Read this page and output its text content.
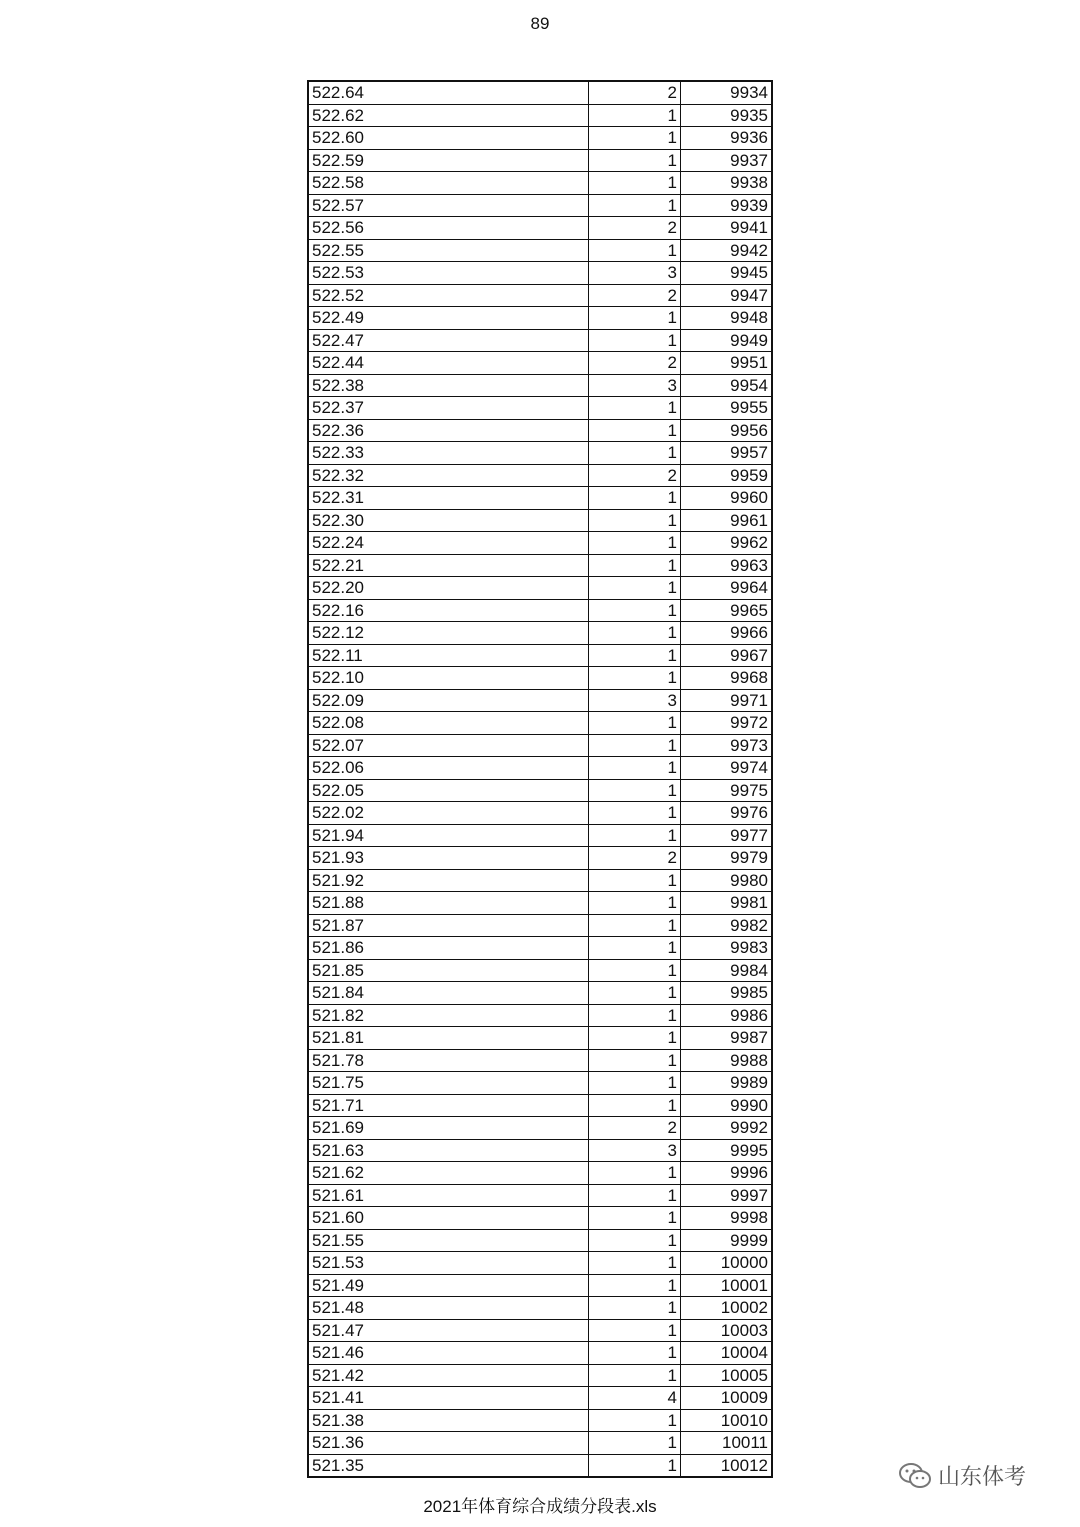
89
522.64	2	9934
522.62	1	9935
522.60	1	9936
522.59	1	9937
522.58	1	9938
522.57	1	9939
522.56	2	9941
522.55	1	9942
522.53	3	9945
522.52	2	9947
522.49	1	9948
522.47	1	9949
522.44	2	9951
522.38	3	9954
522.37	1	9955
522.36	1	9956
522.33	1	9957
522.32	2	9959
522.31	1	9960
522.30	1	9961
522.24	1	9962
522.21	1	9963
522.20	1	9964
522.16	1	9965
522.12	1	9966
522.11	1	9967
522.10	1	9968
522.09	3	9971
522.08	1	9972
522.07	1	9973
522.06	1	9974
522.05	1	9975
522.02	1	9976
521.94	1	9977
521.93	2	9979
521.92	1	9980
521.88	1	9981
521.87	1	9982
521.86	1	9983
521.85	1	9984
521.84	1	9985
521.82	1	9986
521.81	1	9987
521.78	1	9988
521.75	1	9989
521.71	1	9990
521.69	2	9992
521.63	3	9995
521.62	1	9996
521.61	1	9997
521.60	1	9998
521.55	1	9999
521.53	1	10000
521.49	1	10001
521.48	1	10002
521.47	1	10003
521.46	1	10004
521.42	1	10005
521.41	4	10009
521.38	1	10010
521.36	1	10011
521.35	1	10012
2021年体育综合成绩分段表.xls
山东体考
